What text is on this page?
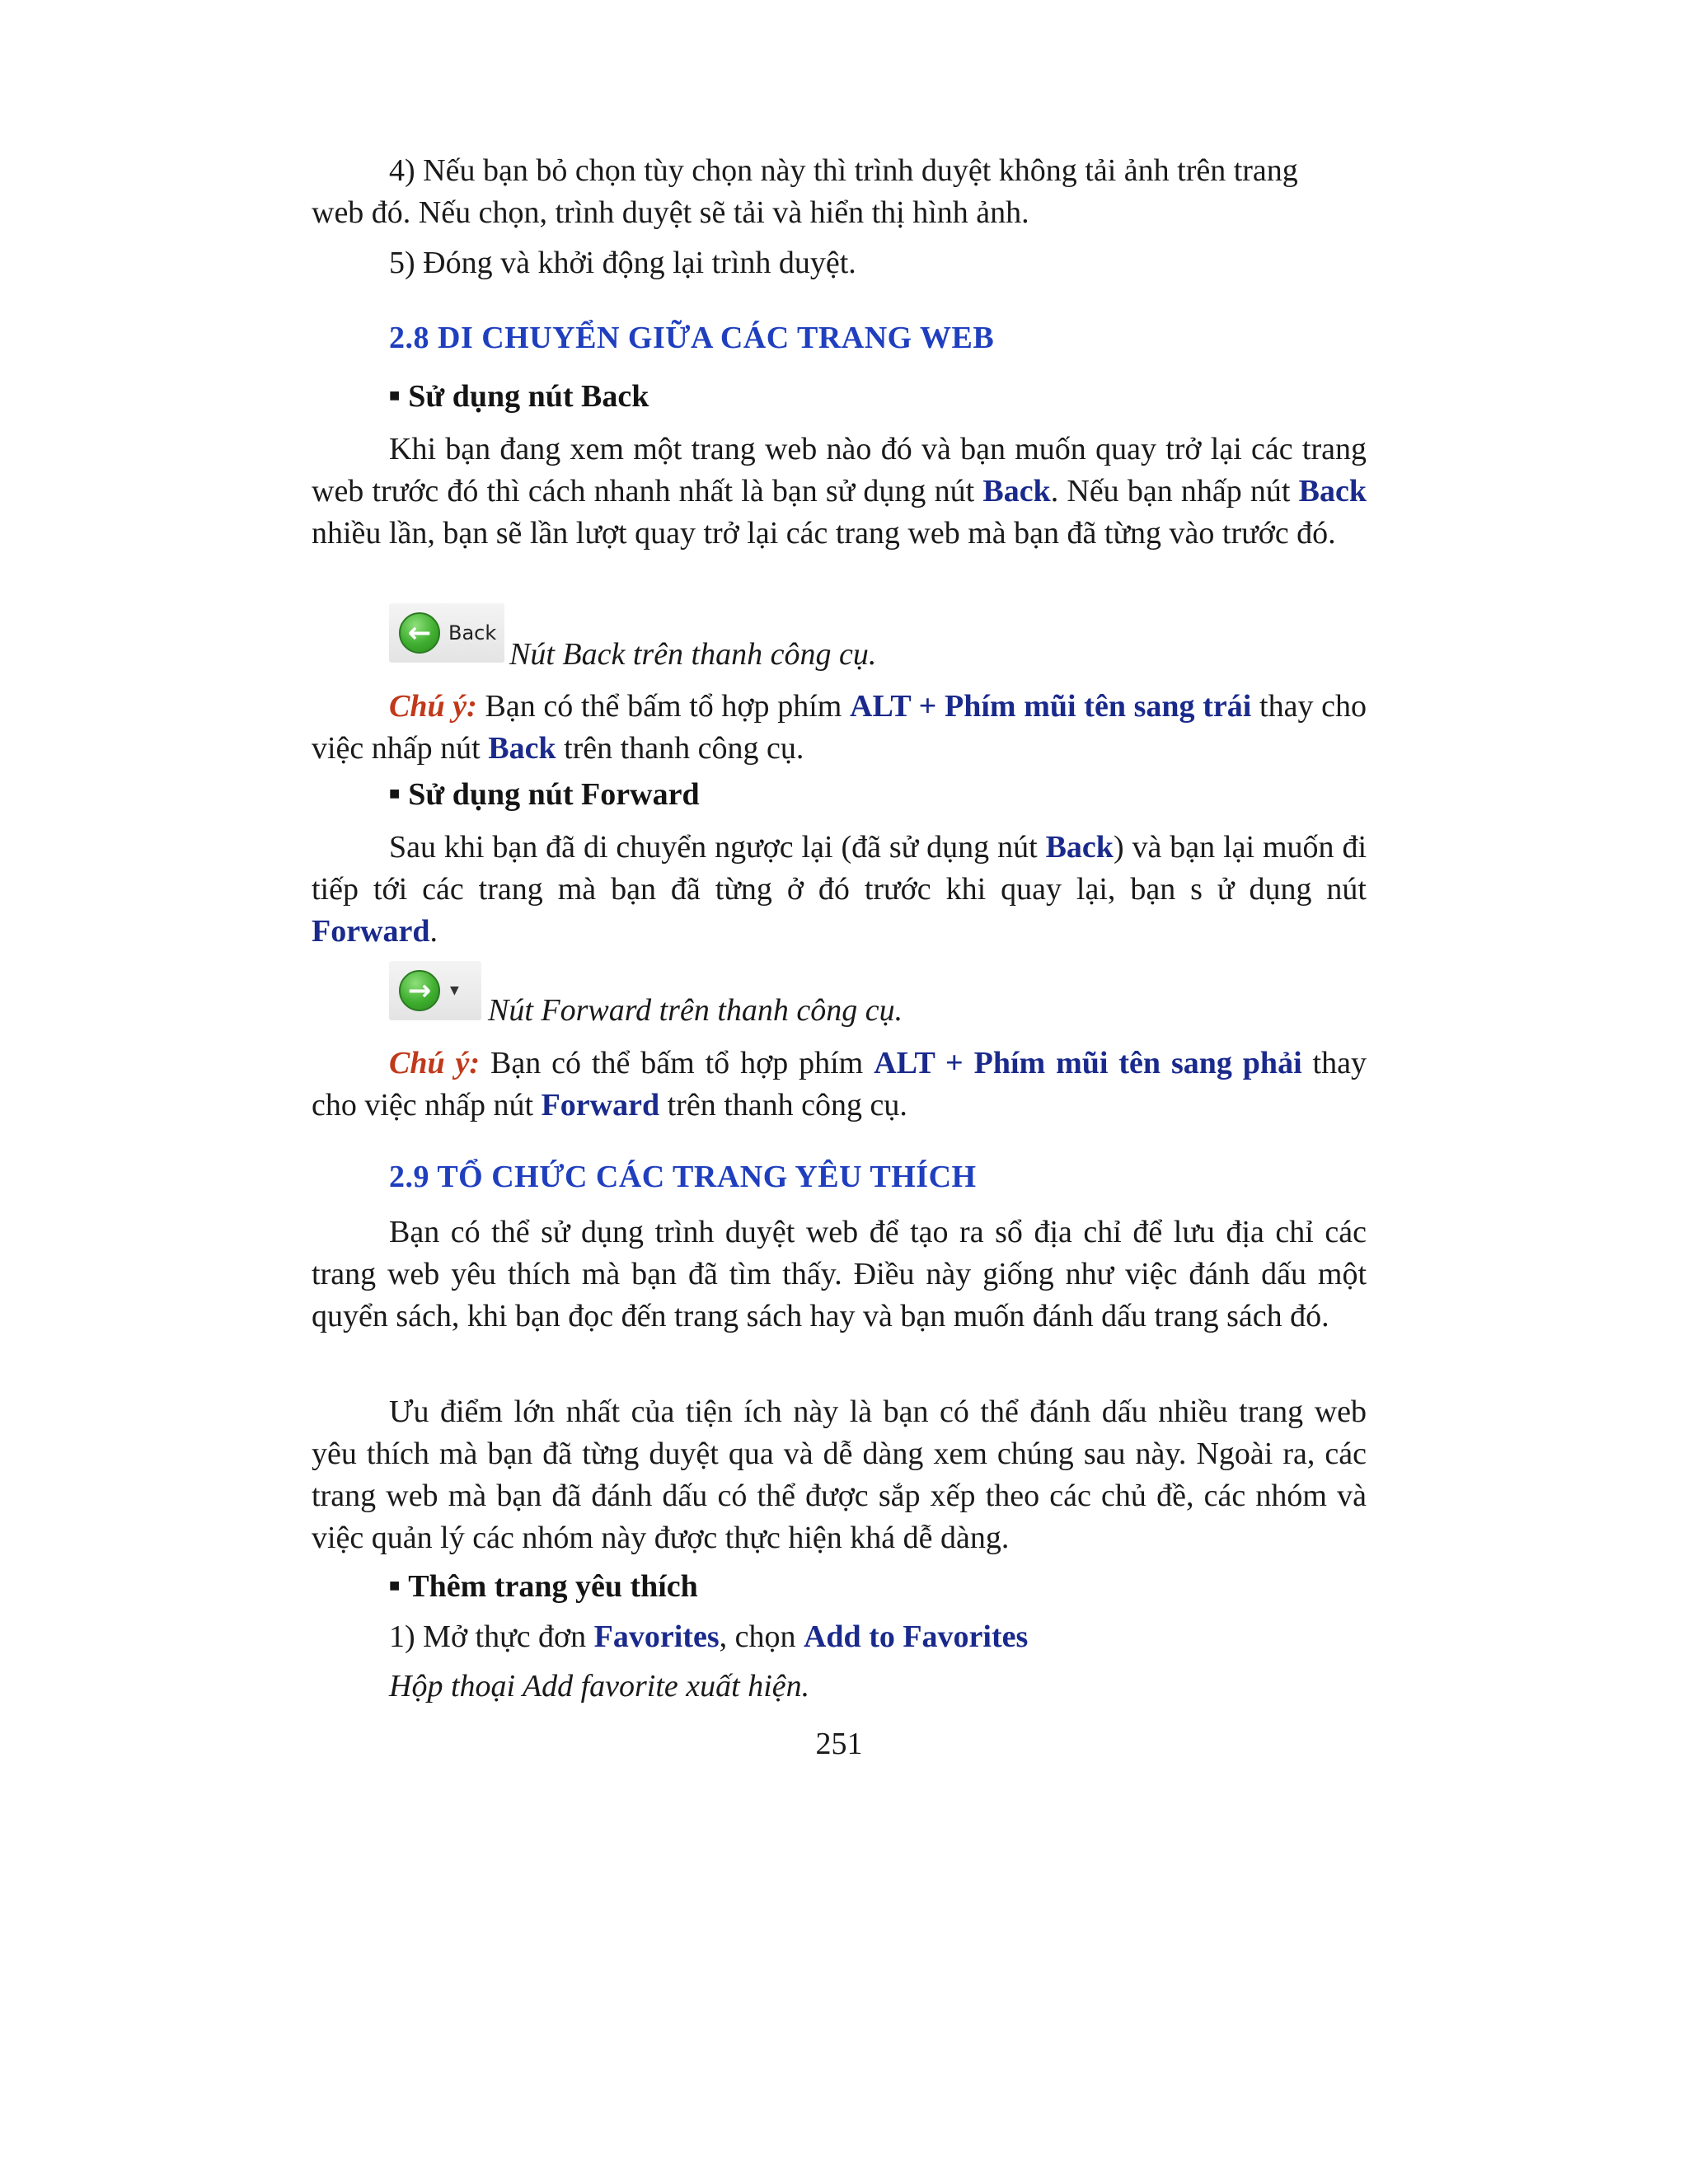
4) Nếu bạn bỏ chọn tùy chọn này thì trình duyệt không tải ảnh trên trang

web đó. Nếu chọn, trình duyệt sẽ tải và hiển thị hình ảnh.

5) Đóng và khởi động lại trình duyệt.

2.8 DI CHUYỂN GIỮA CÁC TRANG WEB
■ Sử dụng nút Back

Khi bạn đang xem một trang web nào đó và bạn muốn quay trở lại các trang web trước đó thì cách nhanh nhất là bạn sử dụng nút Back. Nếu bạn nhấp nút Back nhiều lần, bạn sẽ lần lượt quay trở lại các trang web mà bạn đã từng vào trước đó.

← Back
Nút Back trên thanh công cụ.

Chú ý: Bạn có thể bấm tổ hợp phím ALT + Phím mũi tên sang trái thay cho việc nhấp nút Back trên thanh công cụ.

■ Sử dụng nút Forward

Sau khi bạn đã di chuyển ngược lại (đã sử dụng nút Back) và bạn lại muốn đi tiếp tới các trang mà bạn đã từng ở đó trước khi quay lại, bạn s ử dụng nút Forward.

→	▼
Nút Forward trên thanh công cụ.

Chú ý: Bạn có thể bấm tổ hợp phím ALT + Phím mũi tên sang phải thay cho việc nhấp nút Forward trên thanh công cụ.

2.9 TỔ CHỨC CÁC TRANG YÊU THÍCH

Bạn có thể sử dụng trình duyệt web để tạo ra sổ địa chỉ để lưu địa chỉ các trang web yêu thích mà bạn đã tìm thấy. Điều này giống như việc đánh dấu một quyển sách, khi bạn đọc đến trang sách hay và bạn muốn đánh dấu trang sách đó.

Ưu điểm lớn nhất của tiện ích này là bạn có thể đánh dấu nhiều trang web yêu thích mà bạn đã từng duyệt qua và dễ dàng xem chúng sau này. Ngoài ra, các trang web mà bạn đã đánh dấu có thể được sắp xếp theo các chủ đề, các nhóm và việc quản lý các nhóm này được thực hiện khá dễ dàng.

■ Thêm trang yêu thích

1) Mở thực đơn Favorites, chọn Add to Favorites

Hộp thoại Add favorite xuất hiện.

251
